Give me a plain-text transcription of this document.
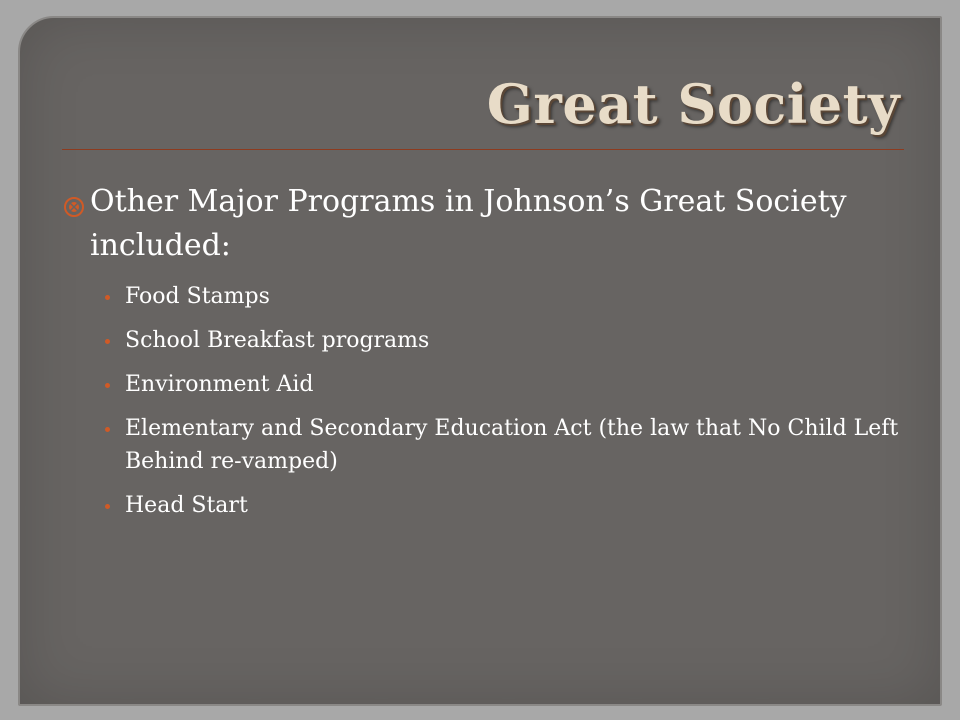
Great Society
Other Major Programs in Johnson’s Great Society included:
Food Stamps
School Breakfast programs
Environment Aid
Elementary and Secondary Education Act (the law that No Child Left Behind re-vamped)
Head Start
